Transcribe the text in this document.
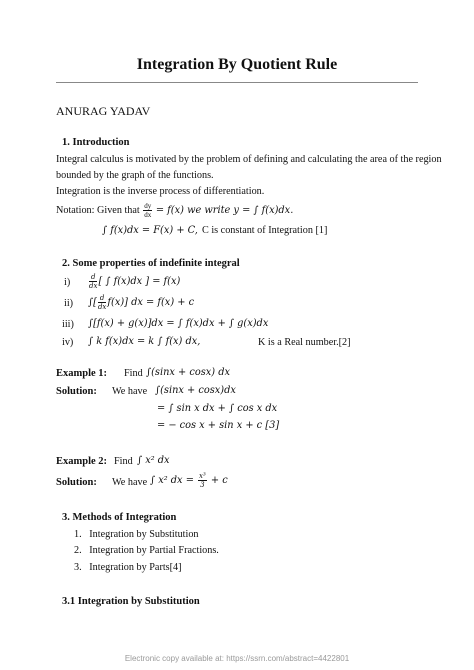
Integration By Quotient Rule
ANURAG YADAV
1. Introduction
Integral calculus is motivated by the problem of defining and calculating the area of the region
bounded by the graph of the functions.
Integration is the inverse process of differentiation.
Notation: Given that $\frac{dy}{dx} = f(x)$ we write y = ∫ f(x)dx.
∫ f(x)dx = F(x) + C, C is constant of Integration [1]
2. Some properties of indefinite integral
i)	$\frac{d}{dx}$ [ ∫ f(x)dx ] = f(x)
ii) ∫[ $\frac{d}{dx} f(x)$] dx = f(x) + c
iii) ∫[f(x) + g(x)]dx = ∫ f(x)dx + ∫ g(x)dx
iv) ∫ k f(x)dx = k ∫ f(x) dx,	K is a Real number.[2]
Example 1: Find ∫(sinx + cosx) dx
Solution: We have ∫(sinx + cosx)dx
= ∫ sin x dx + ∫ cos x dx
= − cos x + sin x + c [3]
Example 2: Find ∫ x² dx
Solution: We have ∫ x² dx = $\frac{\text{x³}}{3} + c$
3. Methods of Integration
1.   Integration by Substitution
2.   Integration by Partial Fractions.
3.   Integration by Parts[4]
3.1 Integration by Substitution
Electronic copy available at: https://ssrn.com/abstract=4422801
